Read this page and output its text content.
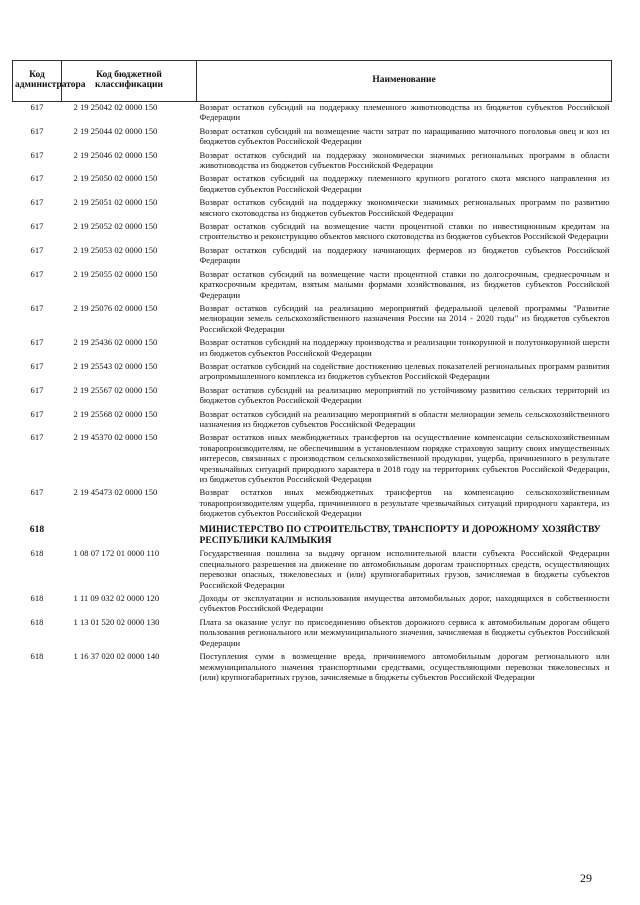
Код администратора	Код бюджетной классификации	Наименование
617	2 19 25042 02 0000 150	Возврат остатков субсидий на поддержку племенного животноводства из бюджетов субъектов Российской Федерации
617	2 19 25044 02 0000 150	Возврат остатков субсидий на возмещение части затрат по наращиванию маточного поголовья овец и коз из бюджетов субъектов Российской Федерации
617	2 19 25046 02 0000 150	Возврат остатков субсидий на поддержку экономически значимых региональных программ в области животноводства из бюджетов субъектов Российской Федерации
617	2 19 25050 02 0000 150	Возврат остатков субсидий на поддержку племенного крупного рогатого скота мясного направления из бюджетов субъектов Российской Федерации
617	2 19 25051 02 0000 150	Возврат остатков субсидий на поддержку экономически значимых региональных программ по развитию мясного скотоводства из бюджетов субъектов Российской Федерации
617	2 19 25052 02 0000 150	Возврат остатков субсидий на возмещение части процентной ставки по инвестиционным кредитам на строительство и реконструкцию объектов мясного скотоводства из бюджетов субъектов Российской Федерации
617	2 19 25053 02 0000 150	Возврат остатков субсидий на поддержку начинающих фермеров из бюджетов субъектов Российской Федерации
617	2 19 25055 02 0000 150	Возврат остатков субсидий на возмещение части процентной ставки по долгосрочным, среднесрочным и краткосрочным кредитам, взятым малыми формами хозяйствования, из бюджетов субъектов Российской Федерации
617	2 19 25076 02 0000 150	Возврат остатков субсидий на реализацию мероприятий федеральной целевой программы "Развитие мелиорации земель сельскохозяйственного назначения России на 2014 - 2020 годы" из бюджетов субъектов Российской Федерации
617	2 19 25436 02 0000 150	Возврат остатков субсидий на поддержку производства и реализации тонкорунной и полутонкорунной шерсти из бюджетов субъектов Российской Федерации
617	2 19 25543 02 0000 150	Возврат остатков субсидий на содействие достижению целевых показателей региональных программ развития агропромышленного комплекса из бюджетов субъектов Российской Федерации
617	2 19 25567 02 0000 150	Возврат остатков субсидий на реализацию мероприятий по устойчивому развитию сельских территорий из бюджетов субъектов Российской Федерации
617	2 19 25568 02 0000 150	Возврат остатков субсидий на реализацию мероприятий в области мелиорации земель сельскохозяйственного назначения из бюджетов субъектов Российской Федерации
617	2 19 45370 02 0000 150	Возврат остатков иных межбюджетных трансфертов на осуществление компенсации сельскохозяйственным товаропроизводителям, не обеспечившим в установленном порядке страховую защиту своих имущественных интересов, связанных с производством сельскохозяйственной продукции, ущерба, причиненного в результате чрезвычайных ситуаций природного характера в 2018 году на территориях субъектов Российской Федерации, из бюджетов субъектов Российской Федерации
617	2 19 45473 02 0000 150	Возврат остатков иных межбюджетных трансфертов на компенсацию сельскохозяйственным товаропроизводителям ущерба, причиненного в результате чрезвычайных ситуаций природного характера, из бюджетов субъектов Российской Федерации
618		МИНИСТЕРСТВО ПО СТРОИТЕЛЬСТВУ, ТРАНСПОРТУ И ДОРОЖНОМУ ХОЗЯЙСТВУ РЕСПУБЛИКИ КАЛМЫКИЯ
618	1 08 07 172 01 0000 110	Государственная пошлина за выдачу органом исполнительной власти субъекта Российской Федерации специального разрешения на движение по автомобильным дорогам транспортных средств, осуществляющих перевозки опасных, тяжеловесных и (или) крупногабаритных грузов, зачисляемая в бюджеты субъектов Российской Федерации
618	1 11 09 032 02 0000 120	Доходы от эксплуатации и использования имущества автомобильных дорог, находящихся в собственности субъектов Российской Федерации
618	1 13 01 520 02 0000 130	Плата за оказание услуг по присоединению объектов дорожного сервиса к автомобильным дорогам общего пользования регионального или межмуниципального значения, зачисляемая в бюджеты субъектов Российской Федерации
618	1 16 37 020 02 0000 140	Поступления сумм в возмещение вреда, причиняемого автомобильным дорогам регионального или межмуниципального значения транспортными средствами, осуществляющими перевозки тяжеловесных и (или) крупногабаритных грузов, зачисляемые в бюджеты субъектов Российской Федерации
29
